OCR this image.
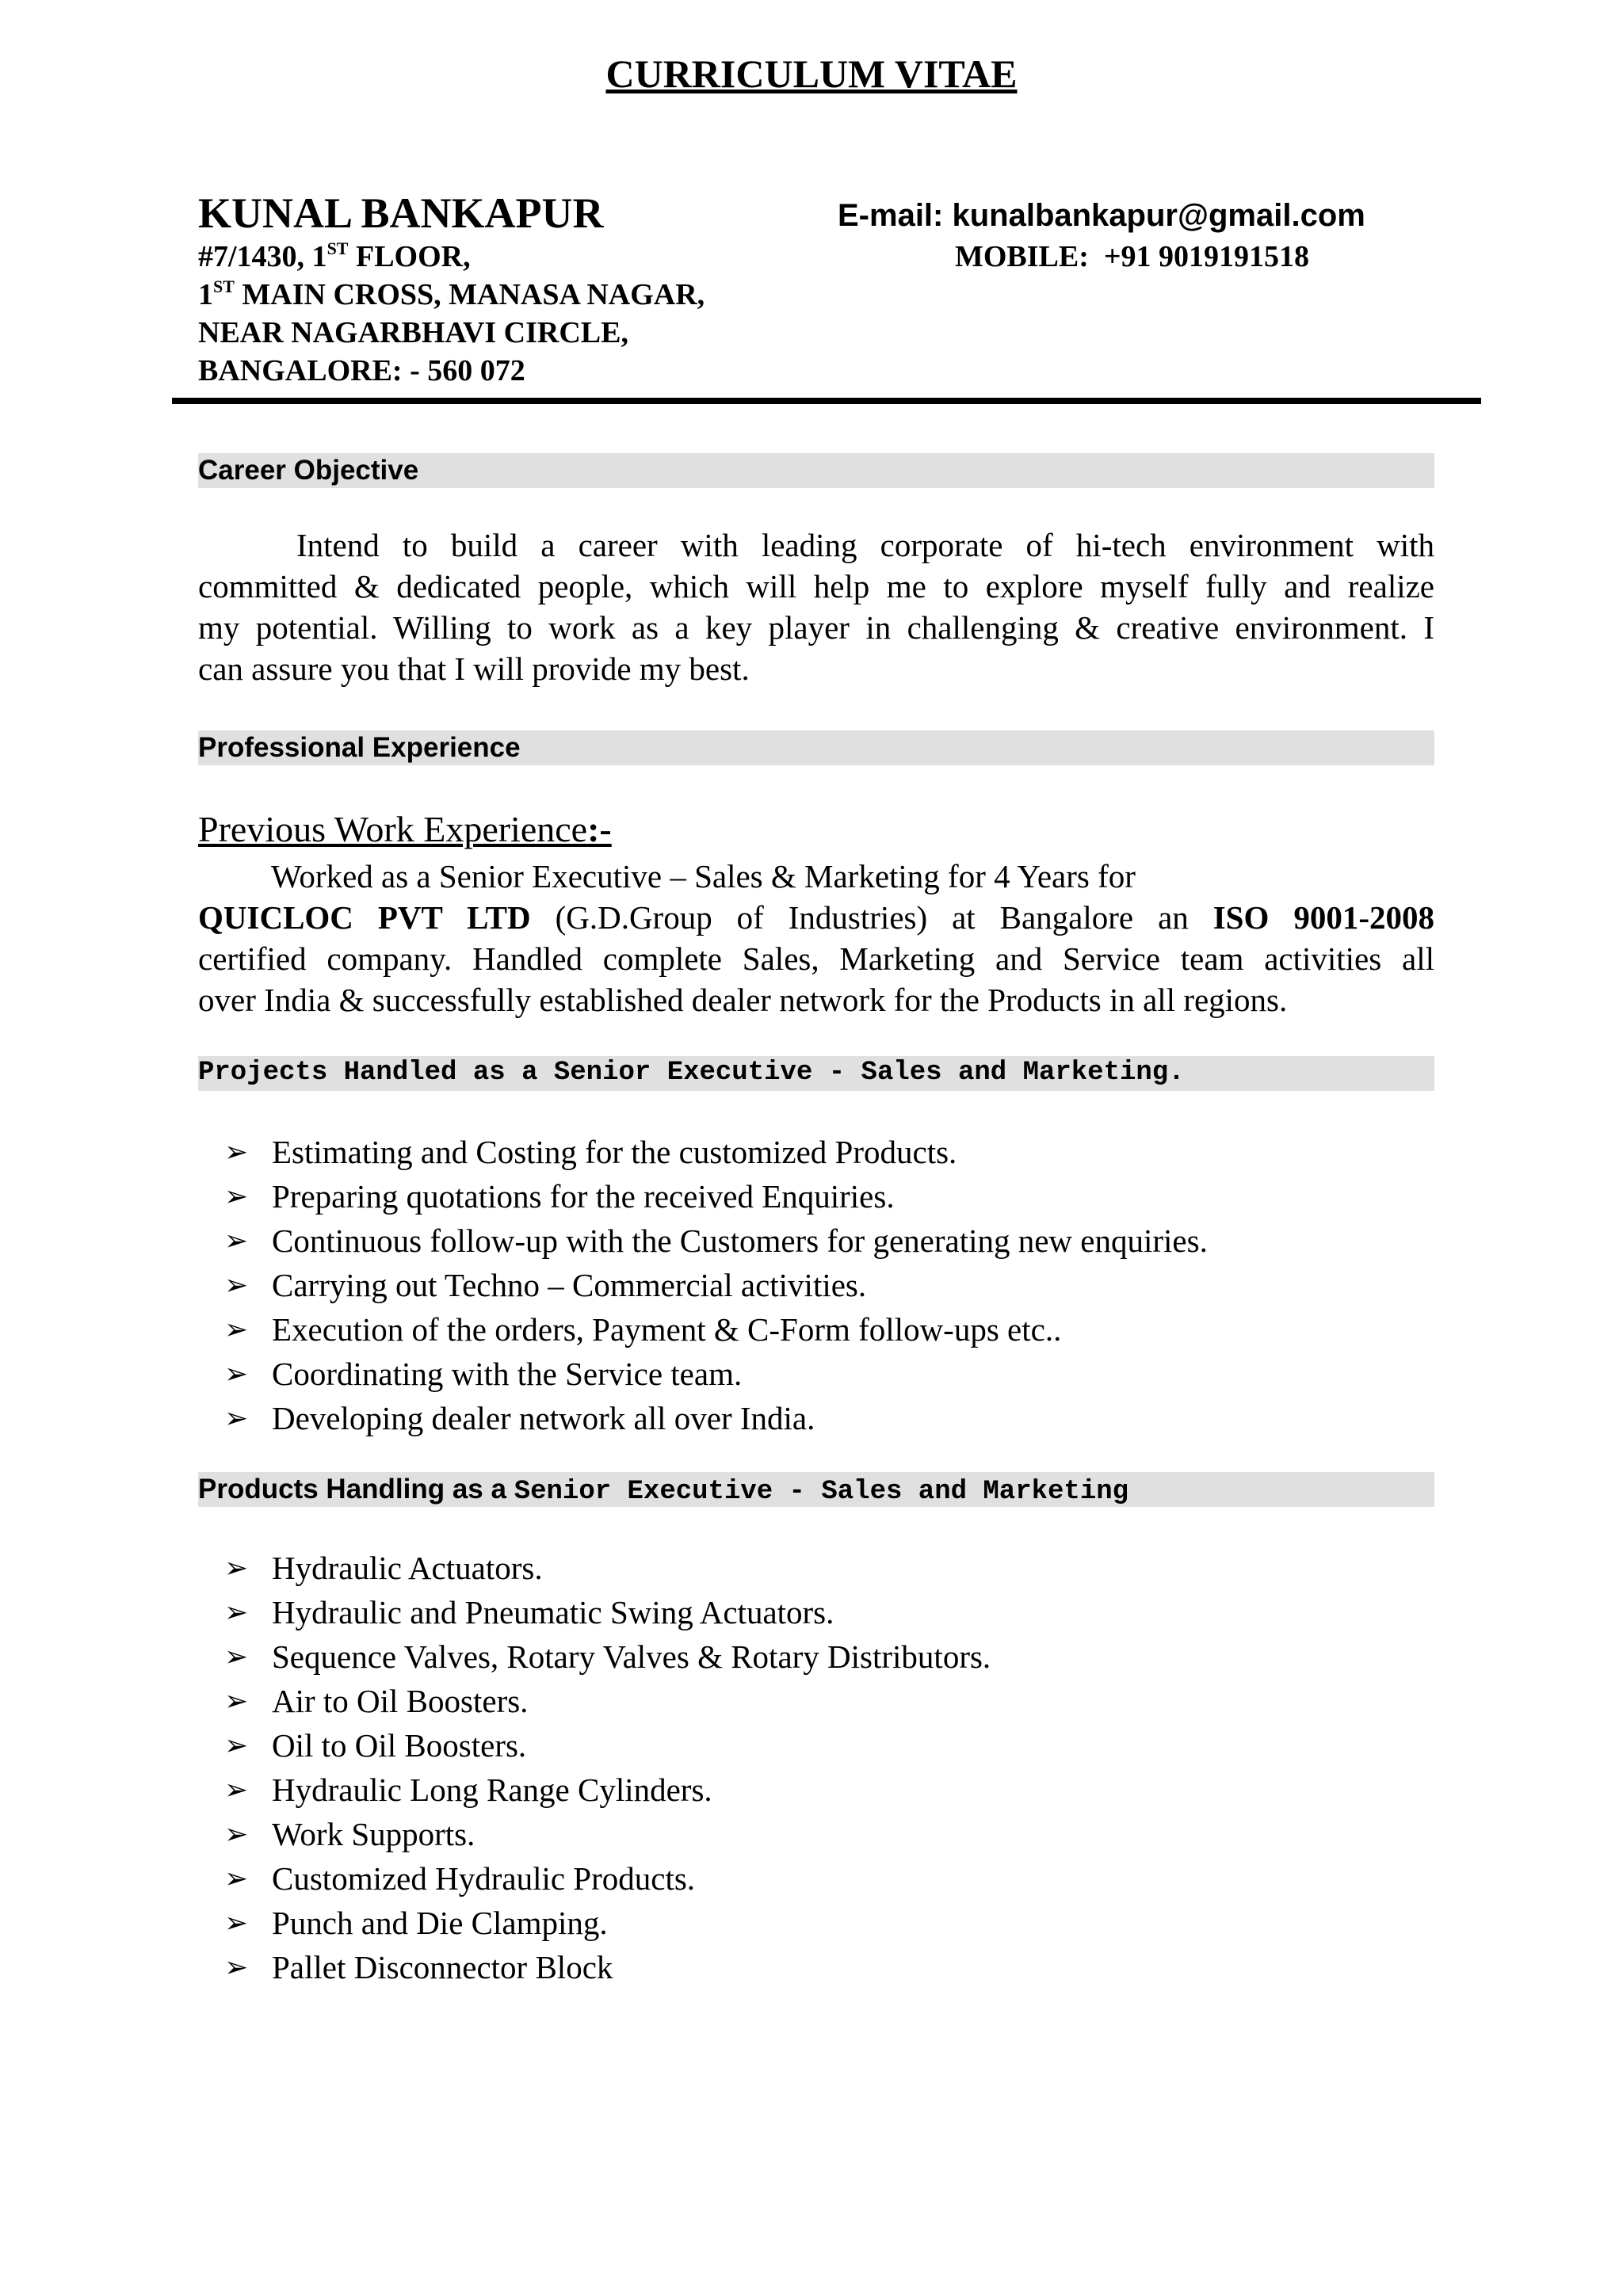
CURRICULUM VITAE
KUNAL BANKAPUR	E-mail: kunalbankapur@gmail.com
MOBILE:  +91 9019191518
#7/1430, 1ST FLOOR,
1ST MAIN CROSS, MANASA NAGAR,
NEAR NAGARBHAVI CIRCLE,
BANGALORE: - 560 072
Career Objective
Intend to build a career with leading corporate of hi-tech environment with
committed & dedicated people, which will help me to explore myself fully and realize
my potential. Willing to work as a key player in challenging & creative environment. I
can assure you that I will provide my best.
Professional Experience
Previous Work Experience:-
Worked as a Senior Executive – Sales & Marketing for 4 Years for
QUICLOC PVT LTD (G.D.Group of Industries) at Bangalore an ISO 9001-2008
certified company. Handled complete Sales, Marketing and Service team activities all
over India & successfully established dealer network for the Products in all regions.
Projects Handled as a Senior Executive - Sales and Marketing.
➢ Estimating and Costing for the customized Products.
➢ Preparing quotations for the received Enquiries.
➢ Continuous follow-up with the Customers for generating new enquiries.
➢ Carrying out Techno – Commercial activities.
➢ Execution of the orders, Payment & C-Form follow-ups etc..
➢ Coordinating with the Service team.
➢ Developing dealer network all over India.
Products Handling as a Senior Executive - Sales and Marketing
➢ Hydraulic Actuators.
➢ Hydraulic and Pneumatic Swing Actuators.
➢ Sequence Valves, Rotary Valves & Rotary Distributors.
➢ Air to Oil Boosters.
➢ Oil to Oil Boosters.
➢ Hydraulic Long Range Cylinders.
➢ Work Supports.
➢ Customized Hydraulic Products.
➢ Punch and Die Clamping.
➢ Pallet Disconnector Block
